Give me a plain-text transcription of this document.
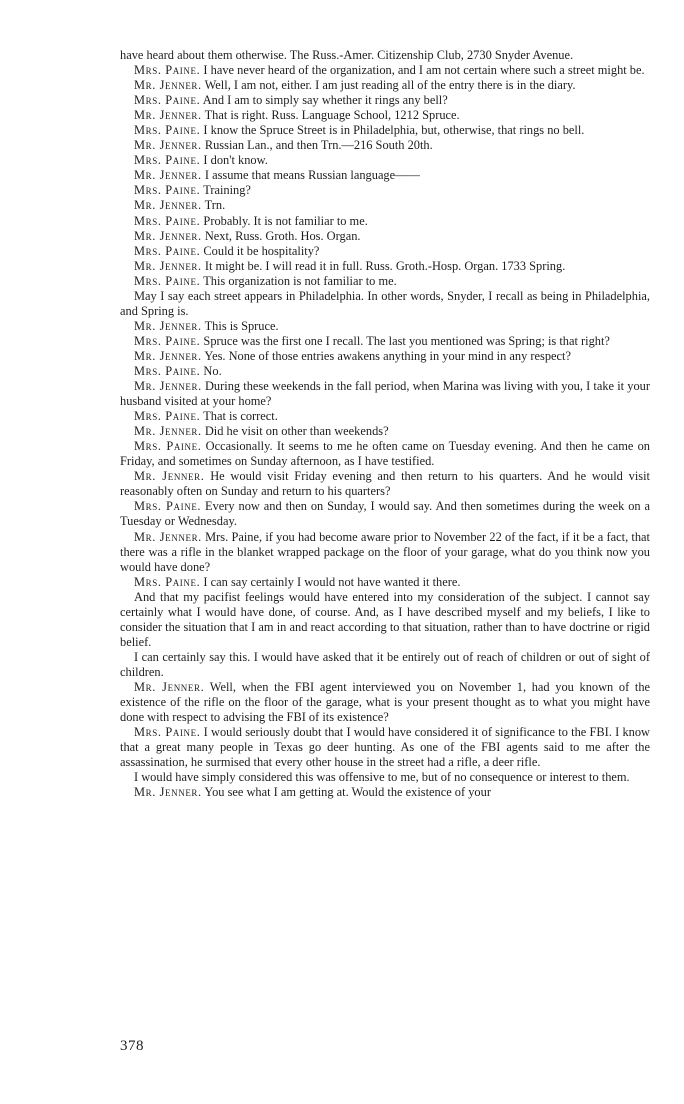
have heard about them otherwise. The Russ.-Amer. Citizenship Club, 2730 Snyder Avenue.

Mrs. Paine. I have never heard of the organization, and I am not certain where such a street might be.

Mr. Jenner. Well, I am not, either. I am just reading all of the entry there is in the diary.

Mrs. Paine. And I am to simply say whether it rings any bell?

Mr. Jenner. That is right. Russ. Language School, 1212 Spruce.

Mrs. Paine. I know the Spruce Street is in Philadelphia, but, otherwise, that rings no bell.

Mr. Jenner. Russian Lan., and then Trn.—216 South 20th.

Mrs. Paine. I don't know.

Mr. Jenner. I assume that means Russian language——

Mrs. Paine. Training?

Mr. Jenner. Trn.

Mrs. Paine. Probably. It is not familiar to me.

Mr. Jenner. Next, Russ. Groth. Hos. Organ.

Mrs. Paine. Could it be hospitality?

Mr. Jenner. It might be. I will read it in full. Russ. Groth.-Hosp. Organ. 1733 Spring.

Mrs. Paine. This organization is not familiar to me.

May I say each street appears in Philadelphia. In other words, Snyder, I recall as being in Philadelphia, and Spring is.

Mr. Jenner. This is Spruce.

Mrs. Paine. Spruce was the first one I recall. The last you mentioned was Spring; is that right?

Mr. Jenner. Yes. None of those entries awakens anything in your mind in any respect?

Mrs. Paine. No.

Mr. Jenner. During these weekends in the fall period, when Marina was living with you, I take it your husband visited at your home?

Mrs. Paine. That is correct.

Mr. Jenner. Did he visit on other than weekends?

Mrs. Paine. Occasionally. It seems to me he often came on Tuesday evening. And then he came on Friday, and sometimes on Sunday afternoon, as I have testified.

Mr. Jenner. He would visit Friday evening and then return to his quarters. And he would visit reasonably often on Sunday and return to his quarters?

Mrs. Paine. Every now and then on Sunday, I would say. And then sometimes during the week on a Tuesday or Wednesday.

Mr. Jenner. Mrs. Paine, if you had become aware prior to November 22 of the fact, if it be a fact, that there was a rifle in the blanket wrapped package on the floor of your garage, what do you think now you would have done?

Mrs. Paine. I can say certainly I would not have wanted it there.

And that my pacifist feelings would have entered into my consideration of the subject. I cannot say certainly what I would have done, of course. And, as I have described myself and my beliefs, I like to consider the situation that I am in and react according to that situation, rather than to have doctrine or rigid belief.

I can certainly say this. I would have asked that it be entirely out of reach of children or out of sight of children.

Mr. Jenner. Well, when the FBI agent interviewed you on November 1, had you known of the existence of the rifle on the floor of the garage, what is your present thought as to what you might have done with respect to advising the FBI of its existence?

Mrs. Paine. I would seriously doubt that I would have considered it of significance to the FBI. I know that a great many people in Texas go deer hunting. As one of the FBI agents said to me after the assassination, he surmised that every other house in the street had a rifle, a deer rifle.

I would have simply considered this was offensive to me, but of no consequence or interest to them.

Mr. Jenner. You see what I am getting at. Would the existence of your

378
